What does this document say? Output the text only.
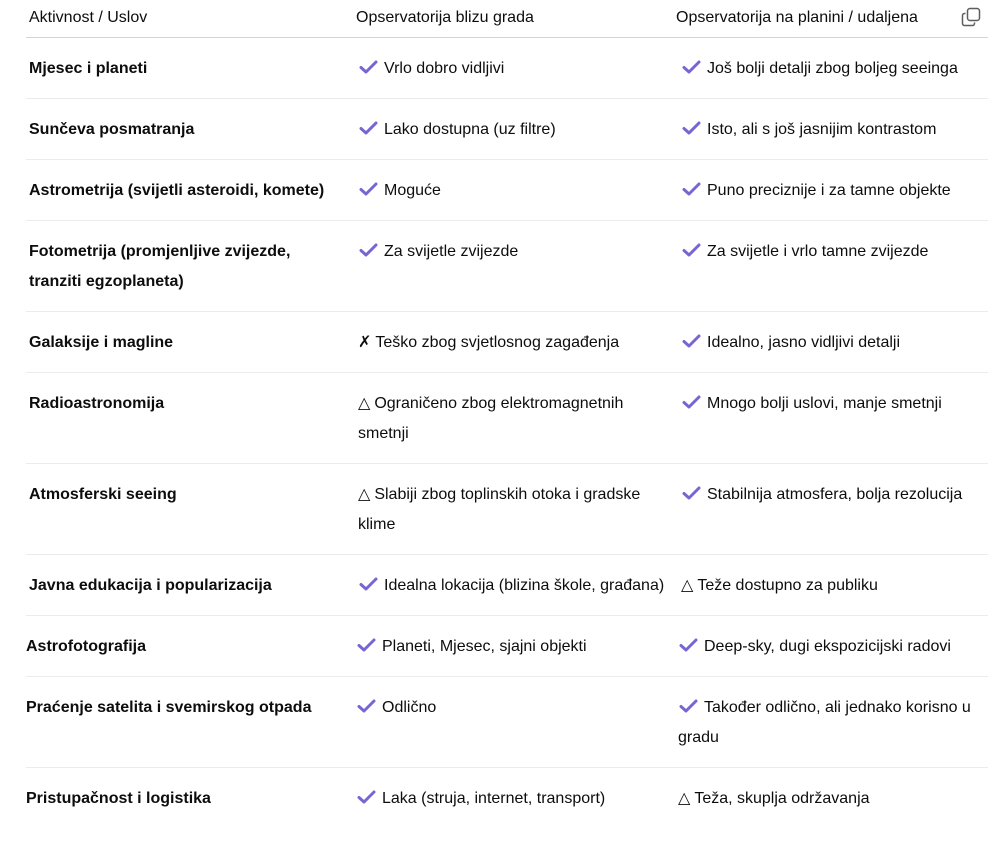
Aktivnost / Uslov	Opservatorija blizu grada	Opservatorija na planini / udaljena

Mjesec i planeti	Vrlo dobro vidljivi	Još bolji detalji zbog boljeg seeinga

Sunčeva posmatranja	Lako dostupna (uz filtre)	Isto, ali s još jasnijim kontrastom

Astrometrija (svijetli asteroidi, komete)	Moguće	Puno preciznije i za tamne objekte

Fotometrija (promjenljive zvijezde, tranziti egzoplaneta)	Za svijetle zvijezde	Za svijetle i vrlo tamne zvijezde

Galaksije i magline	✗ Teško zbog svjetlosnog zagađenja	Idealno, jasno vidljivi detalji

Radioastronomija	△ Ograničeno zbog elektromagnetnih smetnji	Mnogo bolji uslovi, manje smetnji

Atmosferski seeing	△ Slabiji zbog toplinskih otoka i gradske klime	Stabilnija atmosfera, bolja rezolucija

Javna edukacija i popularizacija	Idealna lokacija (blizina škole, građana)	△ Teže dostupno za publiku

Astrofotografija	Planeti, Mjesec, sjajni objekti	Deep-sky, dugi ekspozicijski radovi

Praćenje satelita i svemirskog otpada	Odlično	Također odlično, ali jednako korisno u gradu

Pristupačnost i logistika	Laka (struja, internet, transport)	△ Teža, skuplja održavanja
